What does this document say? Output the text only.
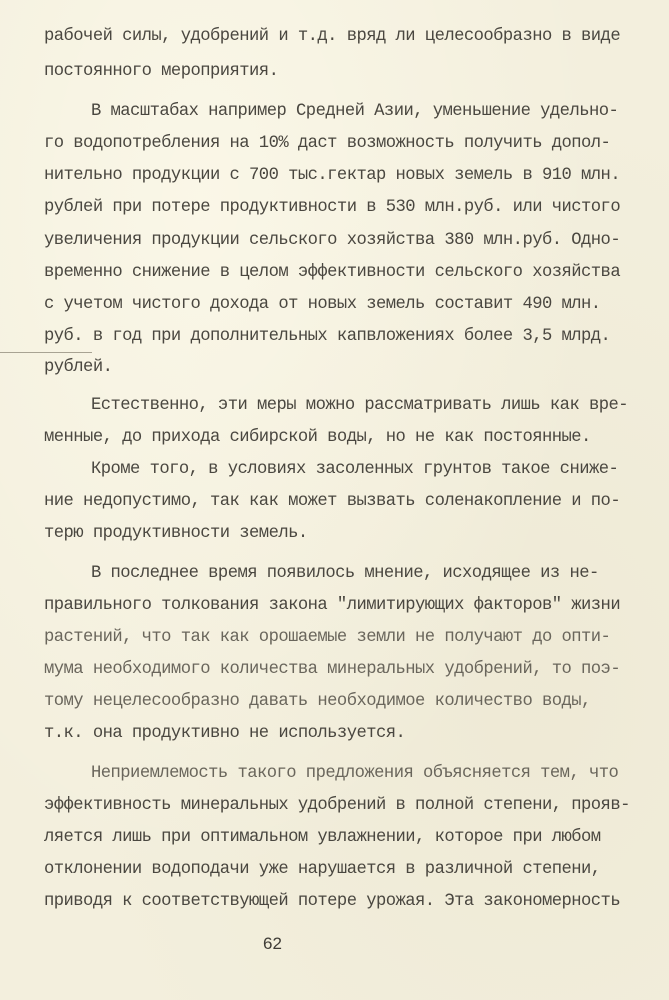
рабочей силы, удобрений и т.д. вряд ли целесообразно в виде
постоянного мероприятия.
В масштабах например Средней Азии, уменьшение удельно-
го водопотребления на 10% даст возможность получить допол-
нительно продукции с 700 тыс.гектар новых земель в 910 млн.
рублей при потере продуктивности в 530 млн.руб. или чистого
увеличения продукции сельского хозяйства 380 млн.руб. Одно-
временно снижение в целом эффективности сельского хозяйства
с учетом чистого дохода от новых земель составит 490 млн.
руб. в год при дополнительных капвложениях более 3,5 млрд.
рублей.
Естественно, эти меры можно рассматривать лишь как вре-
менные, до прихода сибирской воды, но не как постоянные.
Кроме того, в условиях засоленных грунтов такое сниже-
ние недопустимо, так как может вызвать соленакопление и по-
терю продуктивности земель.
В последнее время появилось мнение, исходящее из не-
правильного толкования закона "лимитирующих факторов" жизни
растений, что так как орошаемые земли не получают до опти-
мума необходимого количества минеральных удобрений, то поэ-
тому нецелесообразно давать необходимое количество воды,
т.к. она продуктивно не используется.
Неприемлемость такого предложения объясняется тем, что
эффективность минеральных удобрений в полной степени, прояв-
ляется лишь при оптимальном увлажнении, которое при любом
отклонении водоподачи уже нарушается в различной степени,
приводя к соответствующей потере урожая. Эта закономерность
62
